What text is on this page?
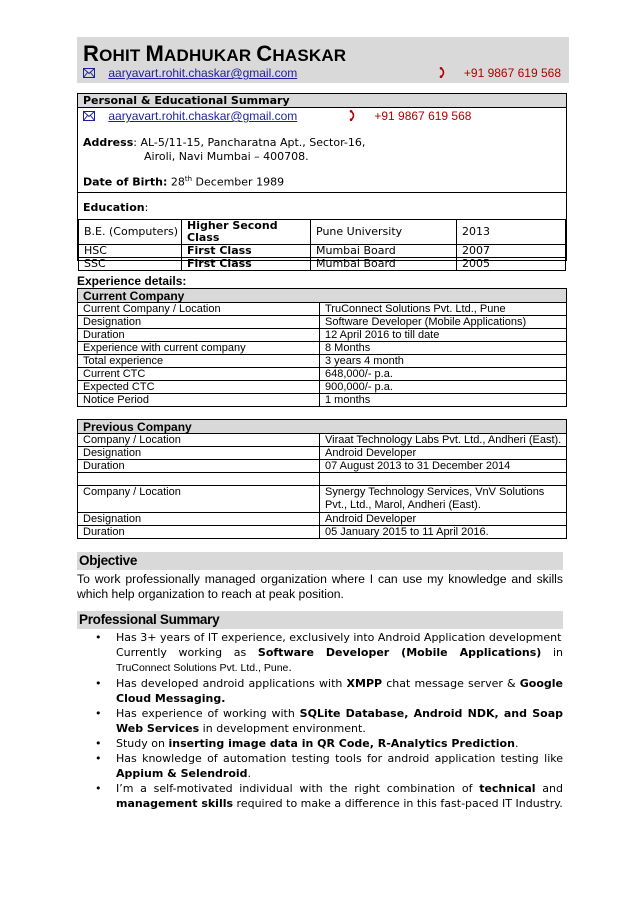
ROHIT MADHUKAR CHASKAR
aaryavart.rohit.chaskar@gmail.com	+91 9867 619 568
Personal & Educational Summary
aaryavart.rohit.chaskar@gmail.com	+91 9867 619 568
Address: AL-5/11-15, Pancharatna Apt., Sector-16,
Airoli, Navi Mumbai – 400708.
Date of Birth: 28th December 1989
Education:
B.E. (Computers)	Higher Second Class	Pune University	2013
HSC	First Class	Mumbai Board	2007
SSC	First Class	Mumbai Board	2005
Experience details:
Current Company	
Current Company / Location	TruConnect Solutions Pvt. Ltd., Pune
Designation	Software Developer (Mobile Applications)
Duration	12 April 2016 to till date
Experience with current company	8 Months
Total experience	3 years 4 month
Current CTC	648,000/- p.a.
Expected CTC	900,000/- p.a.
Notice Period	1 months
Previous Company	
Company / Location	Viraat Technology Labs Pvt. Ltd., Andheri (East).
Designation	Android Developer
Duration	07 August 2013 to 31 December 2014

Company / Location	Synergy Technology Services, VnV Solutions
Pvt., Ltd., Marol, Andheri (East).

Designation	Android Developer
Duration	05 January 2015 to 11 April 2016.
Objective
To work professionally managed organization where I can use my knowledge and skills which help organization to reach at peak position.
Professional Summary
• Has 3+ years of IT experience, exclusively into Android Application development
Currently working as Software Developer (Mobile Applications) in TruConnect Solutions Pvt. Ltd., Pune.
• Has developed android applications with XMPP chat message server & Google Cloud Messaging.
• Has experience of working with SQLite Database, Android NDK, and Soap Web Services in development environment.
• Study on inserting image data in QR Code, R-Analytics Prediction.
• Has knowledge of automation testing tools for android application testing like Appium & Selendroid.
• I’m a self-motivated individual with the right combination of technical and management skills required to make a difference in this fast-paced IT Industry.
